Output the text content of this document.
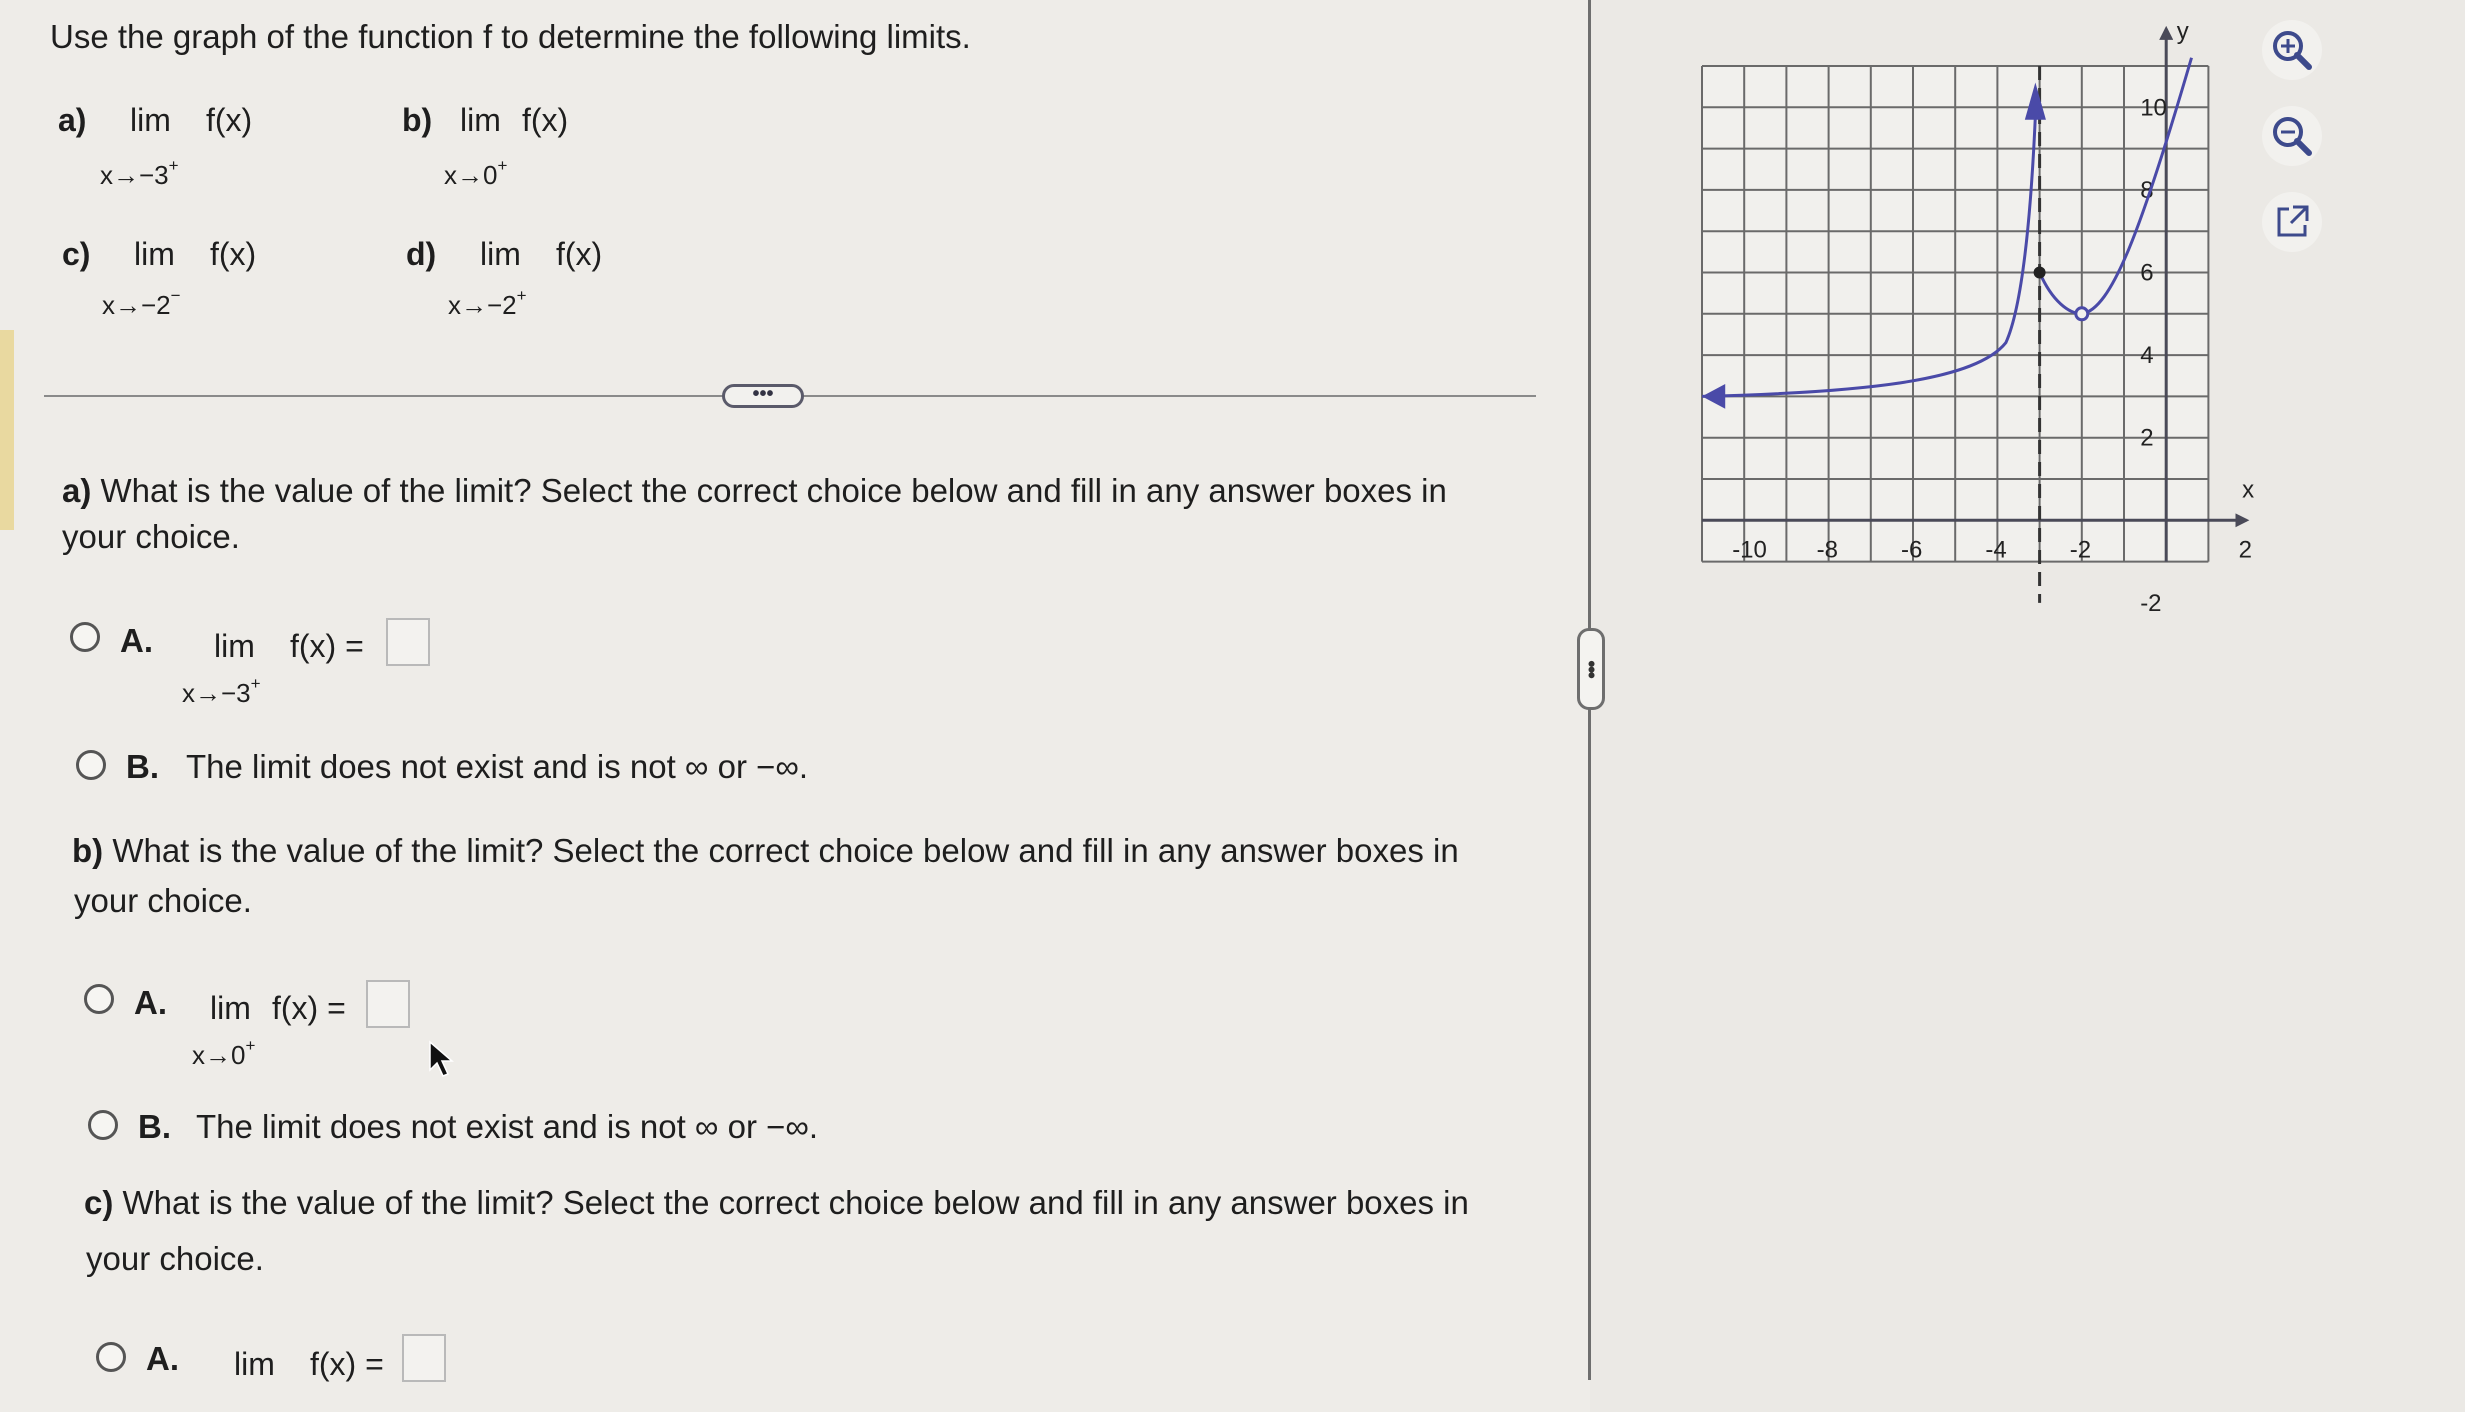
Use the graph of the function f to determine the following limits.
a) lim f(x)
x→−3+
b) lim f(x)
x→0+
c) lim f(x)
x→−2−
d) lim f(x)
x→−2+
•••
a) What is the value of the limit? Select the correct choice below and fill in any answer boxes in
your choice.
A. lim f(x) =
x→−3+
B. The limit does not exist and is not ∞ or −∞.
b) What is the value of the limit? Select the correct choice below and fill in any answer boxes in
your choice.
A. lim f(x) =
x→0+
B. The limit does not exist and is not ∞ or −∞.
c) What is the value of the limit? Select the correct choice below and fill in any answer boxes in
your choice.
A. lim f(x) =
•••
-10 -8	-6	-4	-2	2
10
8
6
4
2
-2
x
y
